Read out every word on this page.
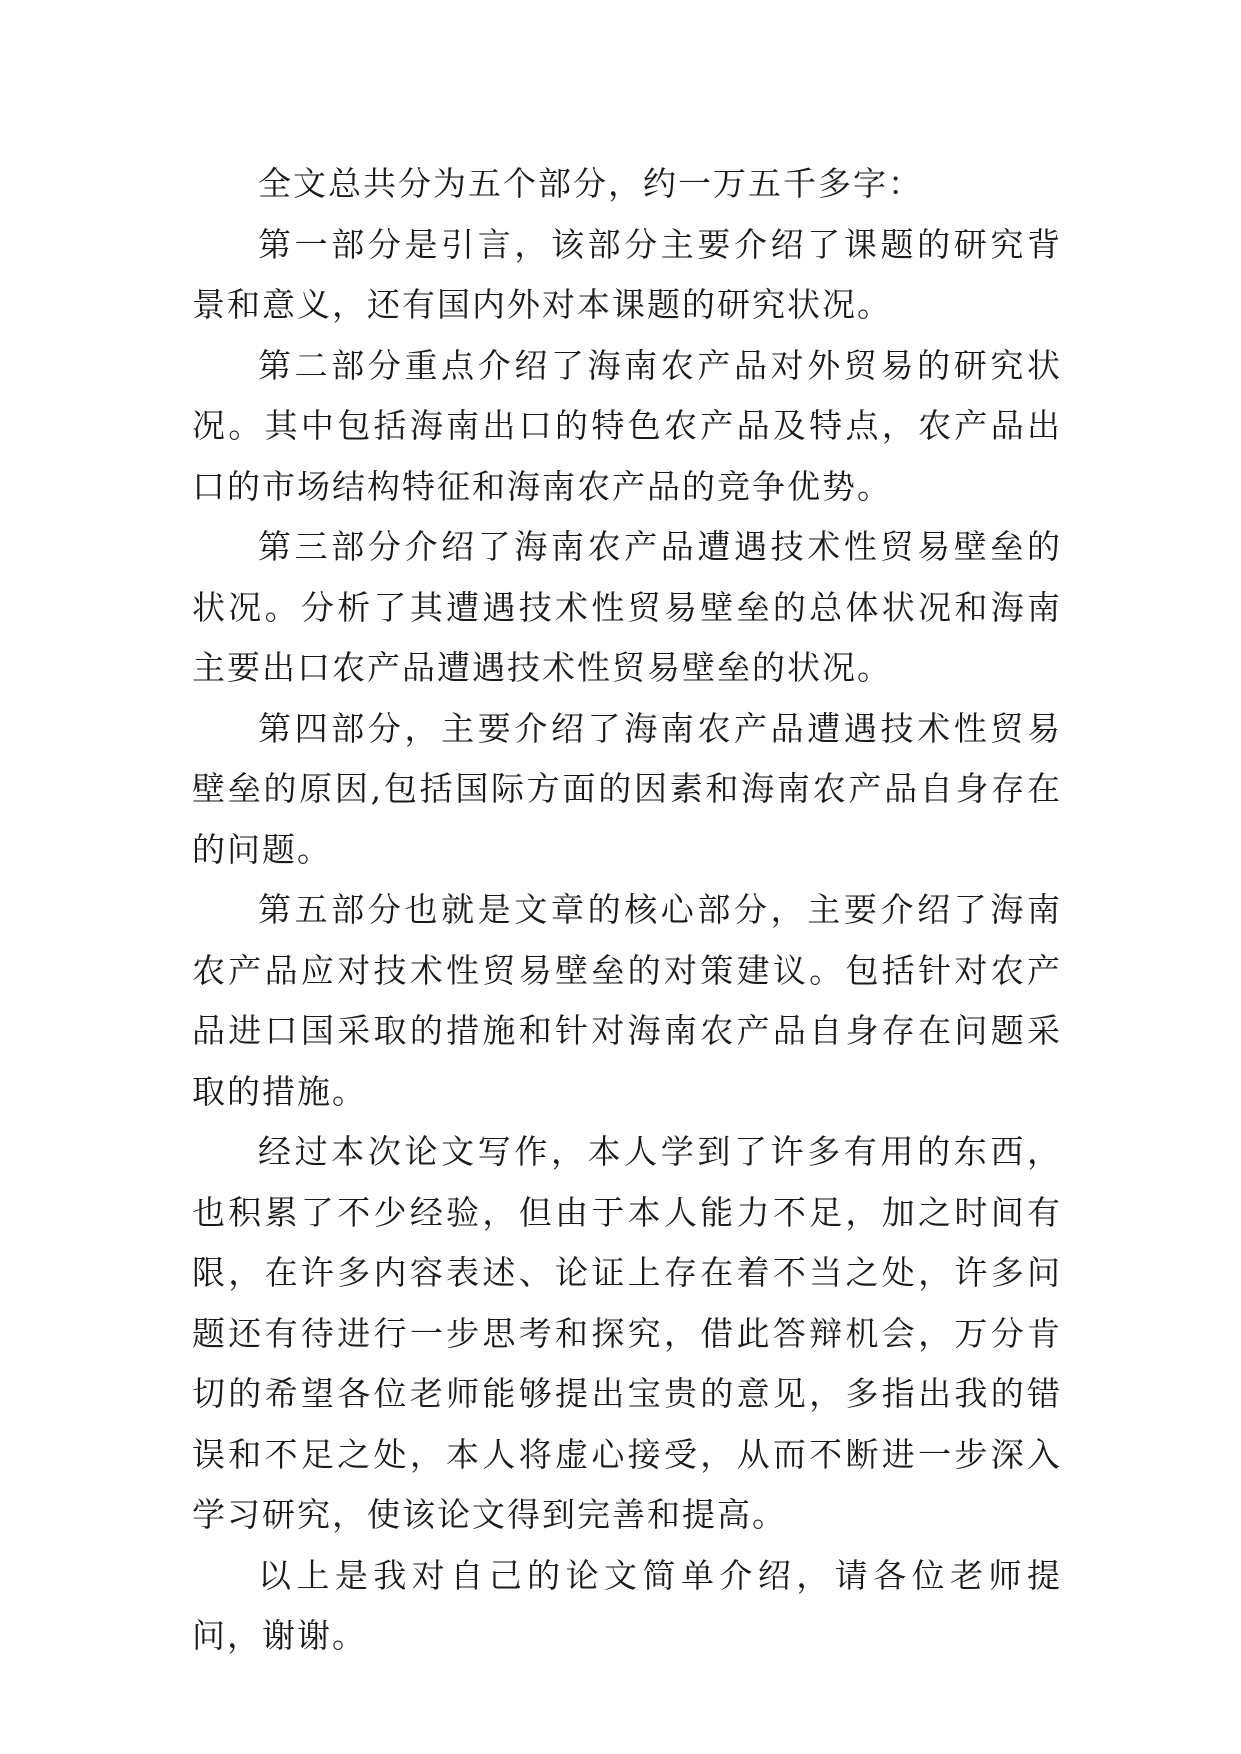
全文总共分为五个部分，约一万五千多字：

第一部分是引言，该部分主要介绍了课题的研究背景和意义，还有国内外对本课题的研究状况。

第二部分重点介绍了海南农产品对外贸易的研究状况。其中包括海南出口的特色农产品及特点，农产品出口的市场结构特征和海南农产品的竞争优势。

第三部分介绍了海南农产品遭遇技术性贸易壁垒的状况。分析了其遭遇技术性贸易壁垒的总体状况和海南主要出口农产品遭遇技术性贸易壁垒的状况。

第四部分，主要介绍了海南农产品遭遇技术性贸易壁垒的原因,包括国际方面的因素和海南农产品自身存在的问题。

第五部分也就是文章的核心部分，主要介绍了海南农产品应对技术性贸易壁垒的对策建议。包括针对农产品进口国采取的措施和针对海南农产品自身存在问题采取的措施。

经过本次论文写作，本人学到了许多有用的东西，也积累了不少经验，但由于本人能力不足，加之时间有限，在许多内容表述、论证上存在着不当之处，许多问题还有待进行一步思考和探究，借此答辩机会，万分肯切的希望各位老师能够提出宝贵的意见，多指出我的错误和不足之处，本人将虚心接受，从而不断进一步深入学习研究，使该论文得到完善和提高。

以上是我对自己的论文简单介绍，请各位老师提问，谢谢。
